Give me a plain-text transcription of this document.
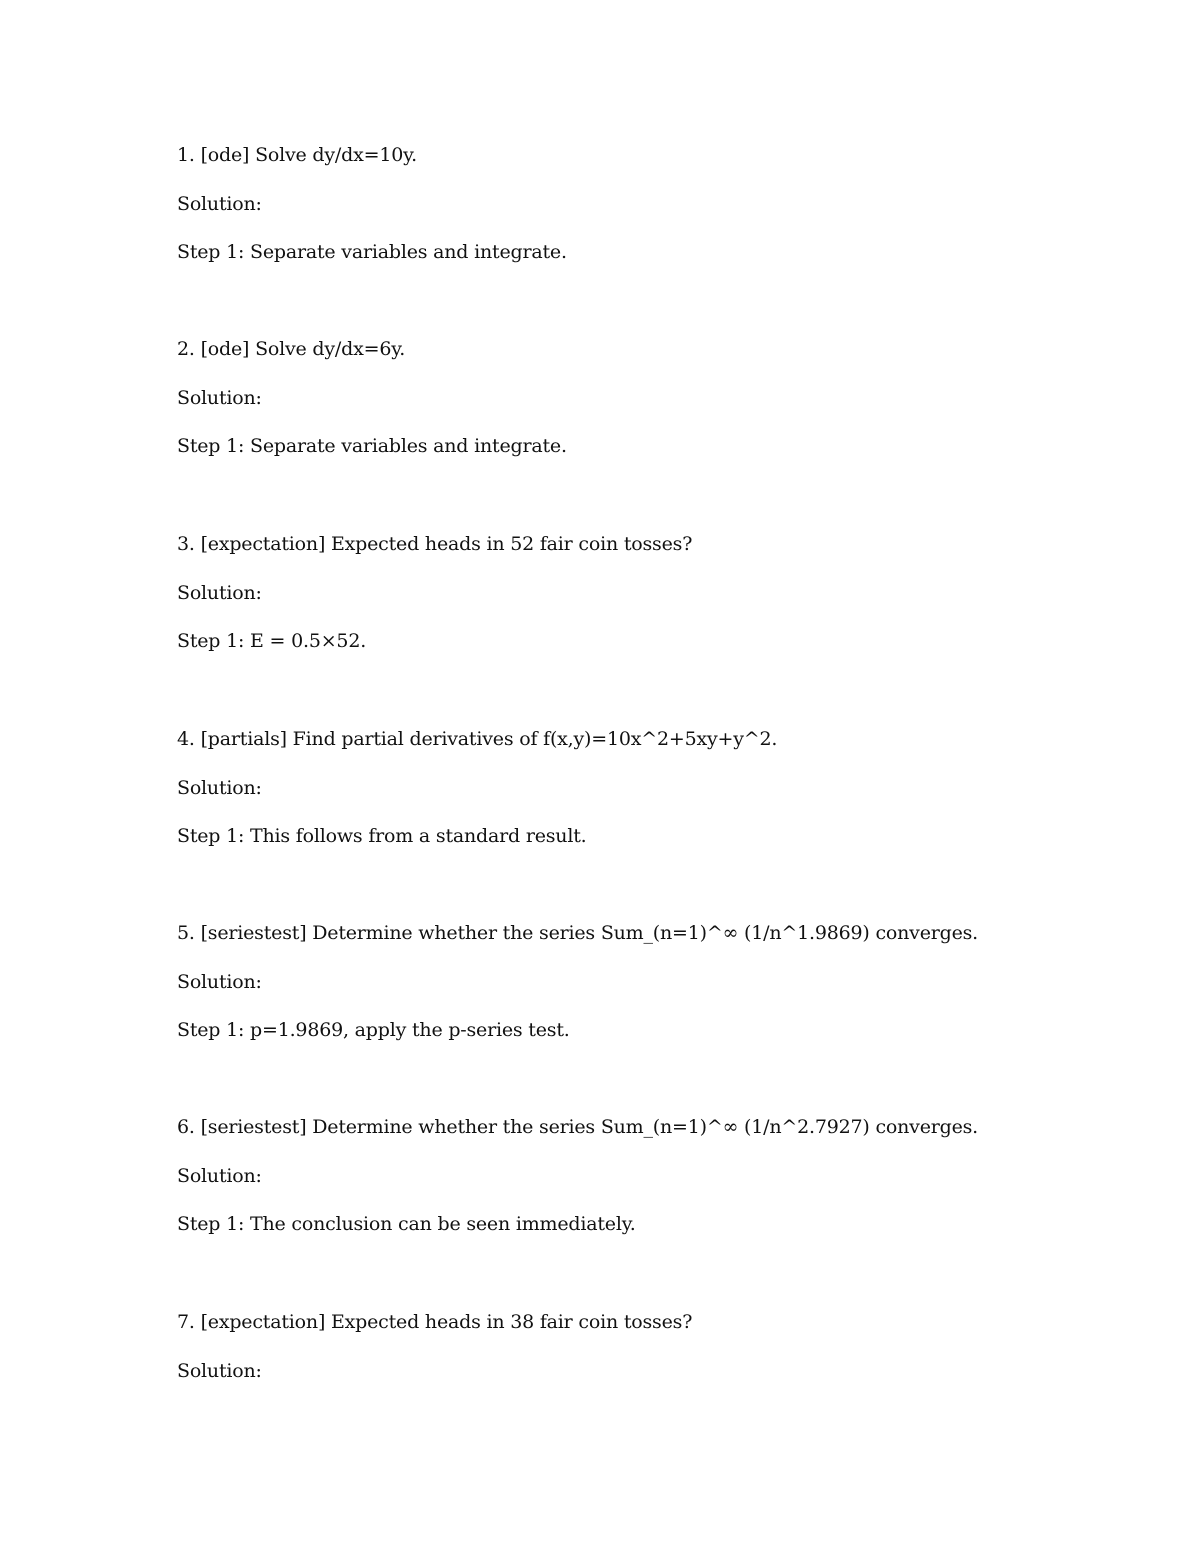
1. [ode] Solve dy/dx=10y.
Solution:
Step 1: Separate variables and integrate.
2. [ode] Solve dy/dx=6y.
Solution:
Step 1: Separate variables and integrate.
3. [expectation] Expected heads in 52 fair coin tosses?
Solution:
Step 1: E = 0.5×52.
4. [partials] Find partial derivatives of f(x,y)=10x^2+5xy+y^2.
Solution:
Step 1: This follows from a standard result.
5. [seriestest] Determine whether the series Sum_(n=1)^∞ (1/n^1.9869) converges.
Solution:
Step 1: p=1.9869, apply the p-series test.
6. [seriestest] Determine whether the series Sum_(n=1)^∞ (1/n^2.7927) converges.
Solution:
Step 1: The conclusion can be seen immediately.
7. [expectation] Expected heads in 38 fair coin tosses?
Solution:
